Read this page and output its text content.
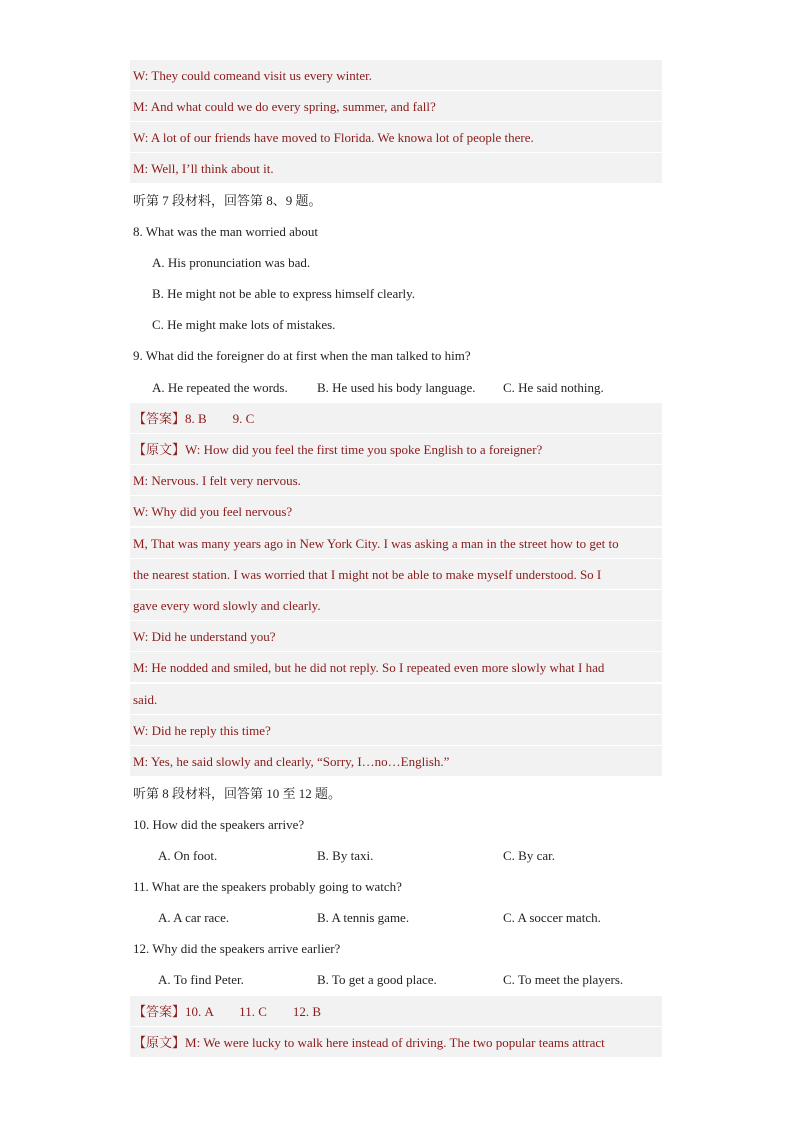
W: They could comeand visit us every winter.
M: And what could we do every spring, summer, and fall?
W: A lot of our friends have moved to Florida. We knowa lot of people there.
M: Well, I’ll think about it.
听第 7 段材料，回答第 8、9 题。
8. What was the man worried about
A. His pronunciation was bad.
B. He might not be able to express himself clearly.
C. He might make lots of mistakes.
9. What did the foreigner do at first when the man talked to him?
A. He repeated the words. B. He used his body language. C. He said nothing.
【答案】8. B        9. C
【原文】W: How did you feel the first time you spoke English to a foreigner?
M: Nervous. I felt very nervous.
W: Why did you feel nervous?
M, That was many years ago in New York City. I was asking a man in the street how to get to
the nearest station. I was worried that I might not be able to make myself understood. So I
gave every word slowly and clearly.
W: Did he understand you?
M: He nodded and smiled, but he did not reply. So I repeated even more slowly what I had
said.
W: Did he reply this time?
M: Yes, he said slowly and clearly, “Sorry, I…no…English.”
听第 8 段材料，回答第 10 至 12 题。
10. How did the speakers arrive?
A. On foot.	B. By taxi.	C. By car.
11. What are the speakers probably going to watch?
A. A car race.	B. A tennis game.	C. A soccer match.
12. Why did the speakers arrive earlier?
A. To find Peter.	B. To get a good place.	C. To meet the players.
【答案】10. A        11. C        12. B
【原文】M: We were lucky to walk here instead of driving. The two popular teams attract
